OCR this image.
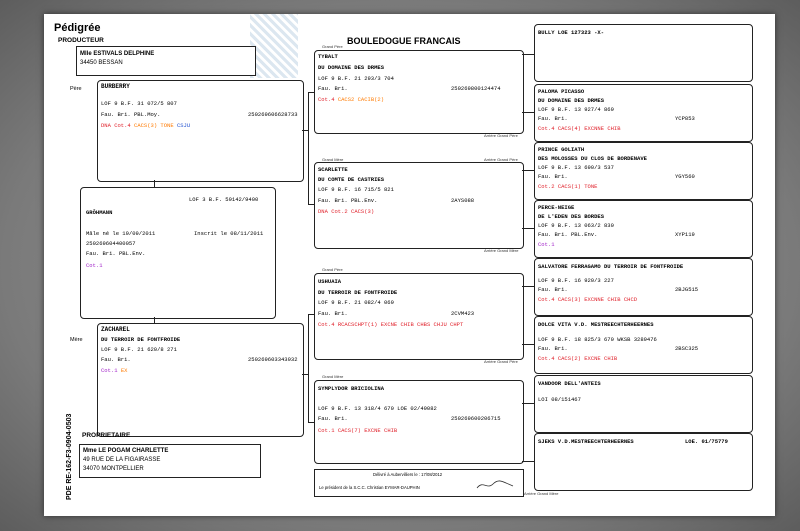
Pédigrée
BOULEDOGUE FRANCAIS
PRODUCTEUR
Mlle ESTIVALS DELPHINE
34450 BESSAN
Père
Mère
BURBERRY
LOF 9 B.F. 31 072/5 807
Fau. Bri. PBL.Moy.	250269606628733
DNA Cot.4 CACS(3) TONE CSJU
LOF 3 B.F. 59142/9400
GRÔHMANN
Mâle né le 19/09/2011	Inscrit le 08/11/2011
250269604400057
Fau. Bri. PBL.Env.
Cot.1
ZACHAREL
DU TERROIR DE FONTFROIDE
LOF 9 B.F. 21 620/8 271
Fau. Bri.	250269603343932
Cot.1 EX
PROPRIETAIRE
Mme LE POGAM CHARLETTE
49 RUE DE LA FIGAIRASSE
34070 MONTPELLIER
PDE RE-162-F3-0904-0503
Grand Père
TYBALT
DU DOMAINE DES DRMES
LOF 9 B.F. 21 293/3 704
Fau. Bri.	250269800124474
Cot.4 CACS2 CACIB(2)
Arrière Grand Père
Grand Mère	Arrière Grand Père
SCARLETTE
DU COMTE DE CASTRIES
LOF 9 B.F. 16 715/5 821
Fau. Bri. PBL.Env.	2AYS088
DNA Cot.2 CACS(3)
Arrière Grand Mère
Grand Père
USHUAIA
DU TERROIR DE FONTFROIDE
LOF 9 B.F. 21 082/4 069
Fau. Bri.	2CVM423
Cot.4 RCACSCHPT(1) EXCNE CHIB CHBS CHJU CHPT
Arrière Grand Père
Grand Mère
SYMPLYDOR BRICIOLINA
LOF 9 B.F. 13 318/4 670 LOE 02/49082
Fau. Bri.	250269600206715
Cot.1 CACS(7) EXCNE CHIB
Délivré à Aubervilliers le : 17/08/2012
Le président de la S.C.C. Christian EYMAR-DAUPHIN
Arrière Grand Mère
BULLY LOE 127323 -X-
PALOMA PICASSO
DU DOMAINE DES DRMES
LOF 9 B.F. 13 927/4 869
Fau. Bri.	YCP853
Cot.4 CACS(4) EXCNNE CHIB
PRINCE GOLIATH
DES MOLOSSES DU CLOS DE BORDENAVE
LOF 9 B.F. 13 690/3 537
Fau. Bri.	YGY560
Cot.2 CACS(1) TONE
PERCE-NEIGE
DE L'EDEN DES BORDES
LOF 9 B.F. 13 063/2 830
Fau. Bri. PBL.Env.	XYP119
Cot.1
SALVATORE FERRAGAMO DU TERROIR DE FONTFROIDE
LOF 9 B.F. 16 920/3 227
Fau. Bri.	2BJG515
Cot.4 CACS(3) EXCNNE CHIB CHCD
DOLCE VITA V.D. MESTREECHTERHEERNES
LOF 9 B.F. 18 825/3 670 WKSB 3289476
Fau. Bri.	2BSC325
Cot.4 CACS(2) EXCNE CHIB
VANDOOR DELL'ANTEIS
LOI 08/151467
SJEKS V.D.MESTREECHTERHEERNES	LOE. 01/75779
